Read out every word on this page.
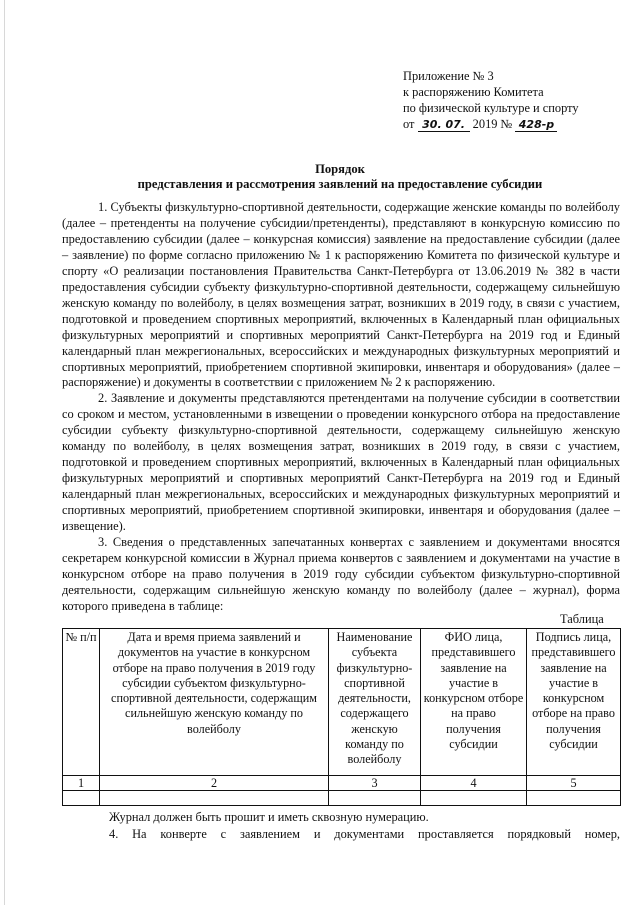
Приложение № 3
к распоряжению Комитета
по физической культуре и спорту
от 30. 07. 2019 № 428-р
Порядок
представления и рассмотрения заявлений на предоставление субсидии

1. Субъекты физкультурно-спортивной деятельности, содержащие женские команды по волейболу (далее – претенденты на получение субсидии/претенденты), представляют в конкурсную комиссию по предоставлению субсидии (далее – конкурсная комиссия) заявление на предоставление субсидии (далее – заявление) по форме согласно приложению № 1 к распоряжению Комитета по физической культуре и спорту «О реализации постановления Правительства Санкт-Петербурга от 13.06.2019 № 382 в части предоставления субсидии субъекту физкультурно-спортивной деятельности, содержащему сильнейшую женскую команду по волейболу, в целях возмещения затрат, возникших в 2019 году, в связи с участием, подготовкой и проведением спортивных мероприятий, включенных в Календарный план официальных физкультурных мероприятий и спортивных мероприятий Санкт-Петербурга на 2019 год и Единый календарный план межрегиональных, всероссийских и международных физкультурных мероприятий и спортивных мероприятий, приобретением спортивной экипировки, инвентаря и оборудования» (далее – распоряжение) и документы в соответствии с приложением № 2 к распоряжению.

2. Заявление и документы представляются претендентами на получение субсидии в соответствии со сроком и местом, установленными в извещении о проведении конкурсного отбора на предоставление субсидии субъекту физкультурно-спортивной деятельности, содержащему сильнейшую женскую команду по волейболу, в целях возмещения затрат, возникших в 2019 году, в связи с участием, подготовкой и проведением спортивных мероприятий, включенных в Календарный план официальных физкультурных мероприятий и спортивных мероприятий Санкт-Петербурга на 2019 год и Единый календарный план межрегиональных, всероссийских и международных физкультурных мероприятий и спортивных мероприятий, приобретением спортивной экипировки, инвентаря и оборудования (далее – извещение).

3. Сведения о представленных запечатанных конвертах с заявлением и документами вносятся секретарем конкурсной комиссии в Журнал приема конвертов с заявлением и документами на участие в конкурсном отборе на право получения в 2019 году субсидии субъектом физкультурно-спортивной деятельности, содержащим сильнейшую женскую команду по волейболу (далее – журнал), форма которого приведена в таблице:

Таблица
№ п/п	Дата и время приема заявлений и документов на участие в конкурсном отборе на право получения в 2019 году субсидии субъектом физкультурно-спортивной деятельности, содержащим сильнейшую женскую команду по волейболу	Наименование субъекта физкультурно-спортивной деятельности, содержащего женскую команду по волейболу	ФИО лица, представившего заявление на участие в конкурсном отборе на право получения субсидии	Подпись лица, представившего заявление на участие в конкурсном отборе на право получения субсидии
1	2	3	4	5

Журнал должен быть прошит и иметь сквозную нумерацию.
4. На конверте с заявлением и документами проставляется порядковый номер,
